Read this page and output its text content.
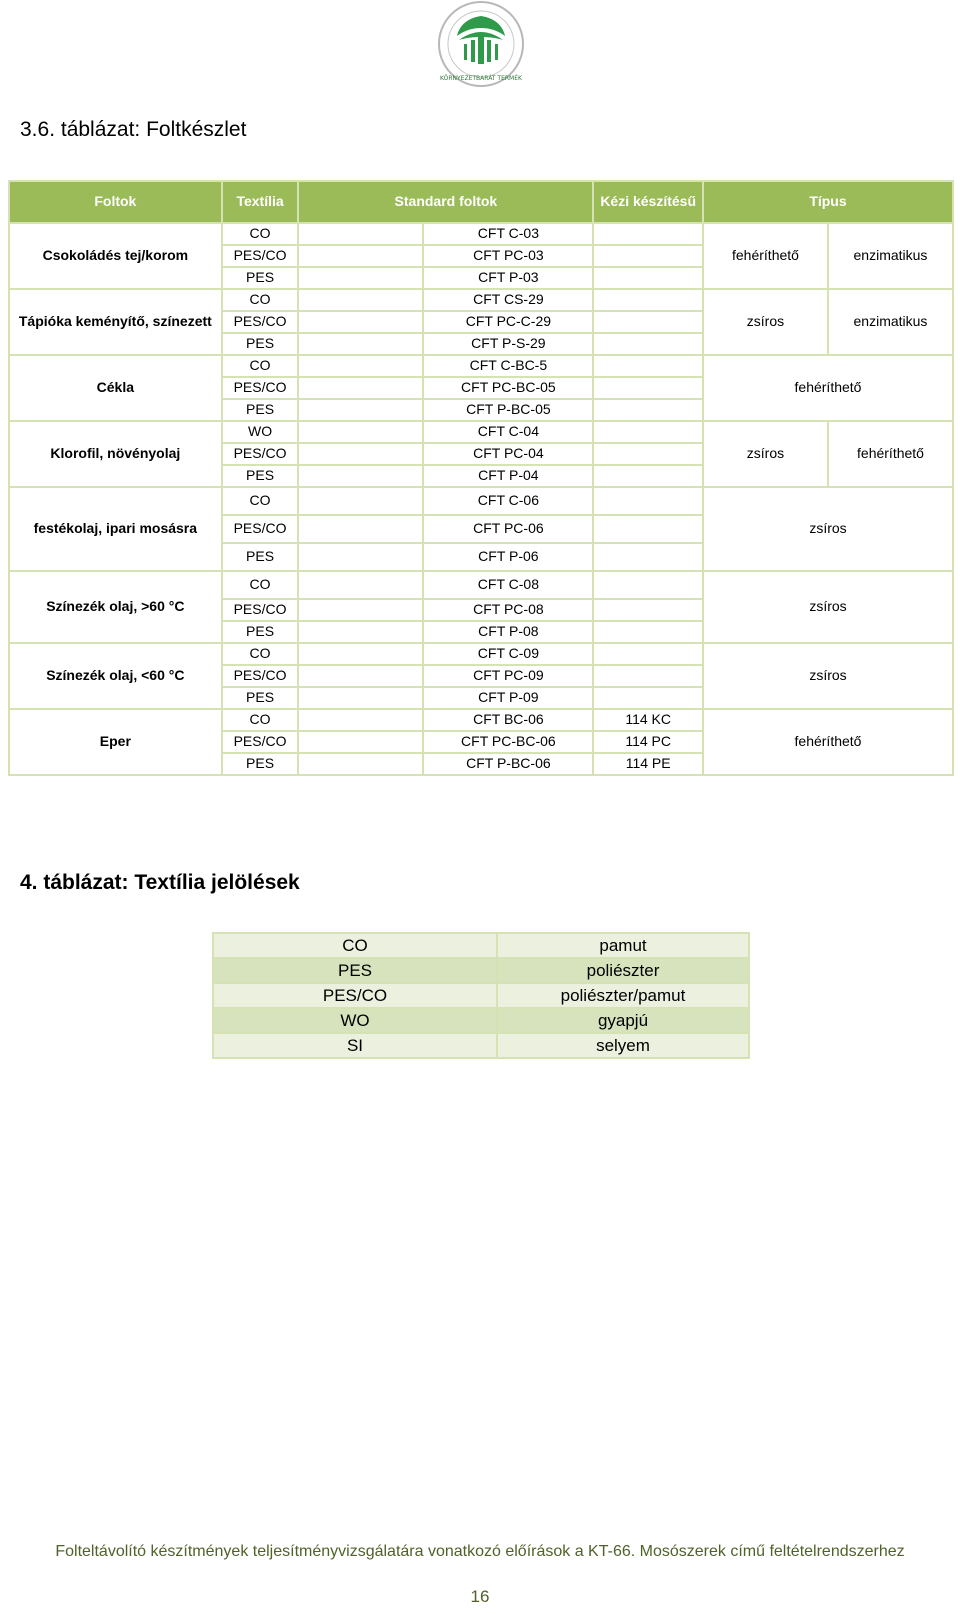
KÖRNYEZETBARÁT TERMÉK
3.6. táblázat: Foltkészlet
Foltok	Textília	Standard foltok		Kézi készítésű	Típus	
Csokoládés tej/korom	CO		CFT C-03		fehéríthető	enzimatikus
	PES/CO		CFT PC-03			
	PES		CFT P-03			
Tápióka keményítő, színezett	CO		CFT CS-29		zsíros	enzimatikus
	PES/CO		CFT PC-C-29			
	PES		CFT P-S-29			
Cékla	CO		CFT C-BC-5		fehéríthető	
	PES/CO		CFT PC-BC-05			
	PES		CFT P-BC-05			
Klorofil, növényolaj	WO		CFT C-04		zsíros	fehéríthető
	PES/CO		CFT PC-04			
	PES		CFT P-04			
festékolaj, ipari mosásra	CO		CFT C-06		zsíros	
	PES/CO		CFT PC-06			
	PES		CFT P-06			
Színezék olaj, >60 °C	CO		CFT C-08		zsíros	
	PES/CO		CFT PC-08			
	PES		CFT P-08			
Színezék olaj, <60 °C	CO		CFT C-09		zsíros	
	PES/CO		CFT PC-09			
	PES		CFT P-09			
Eper	CO		CFT BC-06	114 KC	fehéríthető	
	PES/CO		CFT PC-BC-06	114 PC		
	PES		CFT P-BC-06	114 PE		
4. táblázat: Textília jelölések
CO	pamut
PES	poliészter
PES/CO	poliészter/pamut
WO	gyapjú
SI	selyem
Folteltávolító készítmények teljesítményvizsgálatára vonatkozó előírások a KT-66. Mosószerek című feltételrendszerhez
16
